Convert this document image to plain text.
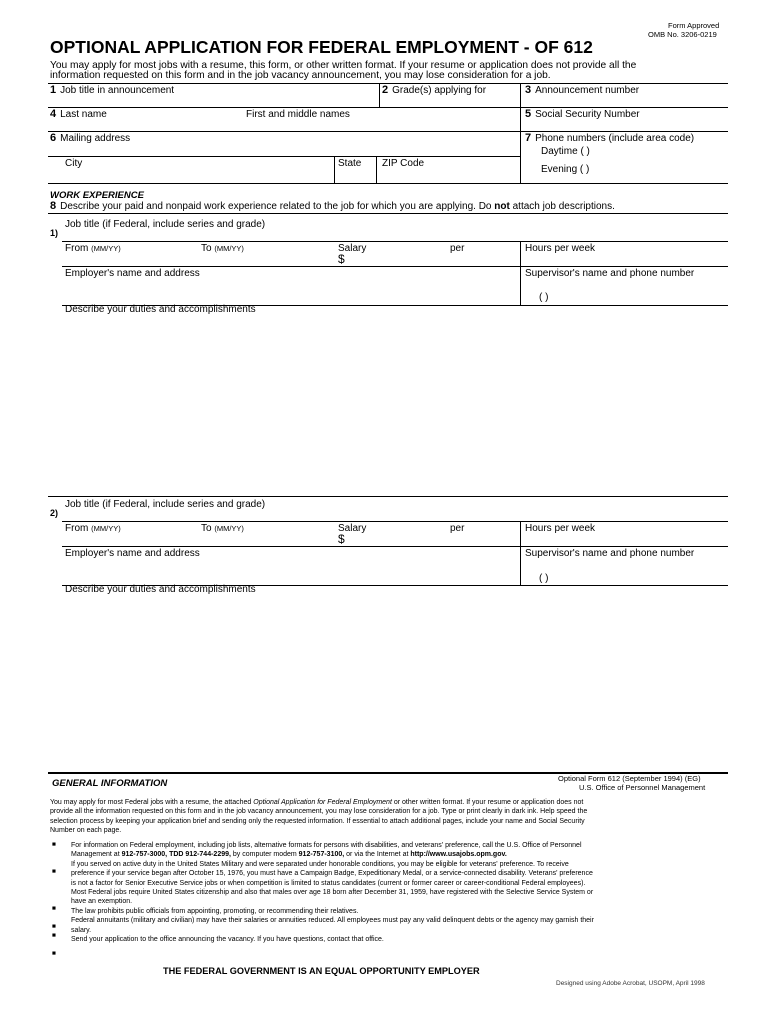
Form Approved
OMB No. 3206-0219
OPTIONAL APPLICATION FOR FEDERAL EMPLOYMENT - OF 612
You may apply for most jobs with a resume, this form, or other written format. If your resume or application does not provide all the
information requested on this form and in the job vacancy announcement, you may lose consideration for a job.
1 Job title in announcement	2 Grade(s) applying for	3 Announcement number
4 Last name	First and middle names	5 Social Security Number
6 Mailing address	7 Phone numbers (include area code)
Daytime ( )
Evening ( )
City	State ZIP Code
WORK EXPERIENCE
8 Describe your paid and nonpaid work experience related to the job for which you are applying. Do not attach job descriptions.
1)
Job title (if Federal, include series and grade)
From (MM/YY)	To (MM/YY)	Salary
$
per	Hours per week
Employer's name and address	Supervisor's name and phone number
( )
Describe your duties and accomplishments
2)
Job title (if Federal, include series and grade)
From (MM/YY)	To (MM/YY)	Salary
$
per	Hours per week
Employer's name and address	Supervisor's name and phone number
( )
Describe your duties and accomplishments
GENERAL INFORMATION	Optional Form 612 (September 1994) (EG)
U.S. Office of Personnel Management
You may apply for most Federal jobs with a resume, the attached Optional Application for Federal Employment or other written format. If your resume or application does not
provide all the information requested on this form and in the job vacancy announcement, you may lose consideration for a job. Type or print clearly in dark ink. Help speed the
selection process by keeping your application brief and sending only the requested information. If essential to attach additional pages, include your name and Social Security
Number on each page.
■
■
■
■
■
■
For information on Federal employment, including job lists, alternative formats for persons with disabilities, and veterans' preference, call the U.S. Office of Personnel
Management at 912-757-3000, TDD 912-744-2299, by computer modem 912-757-3100, or via the Internet at http://www.usajobs.opm.gov.
If you served on active duty in the United States Military and were separated under honorable conditions, you may be eligible for veterans' preference. To receive
preference if your service began after October 15, 1976, you must have a Campaign Badge, Expeditionary Medal, or a service-connected disability. Veterans' preference
is not a factor for Senior Executive Service jobs or when competition is limited to status candidates (current or former career or career-conditional Federal employees).
Most Federal jobs require United States citizenship and also that males over age 18 born after December 31, 1959, have registered with the Selective Service System or
have an exemption.
The law prohibits public officials from appointing, promoting, or recommending their relatives.
Federal annuitants (military and civilian) may have their salaries or annuities reduced. All employees must pay any valid delinquent debts or the agency may garnish their
salary.
Send your application to the office announcing the vacancy. If you have questions, contact that office.
THE FEDERAL GOVERNMENT IS AN EQUAL OPPORTUNITY EMPLOYER
Designed using Adobe Acrobat, USOPM, April 1998
